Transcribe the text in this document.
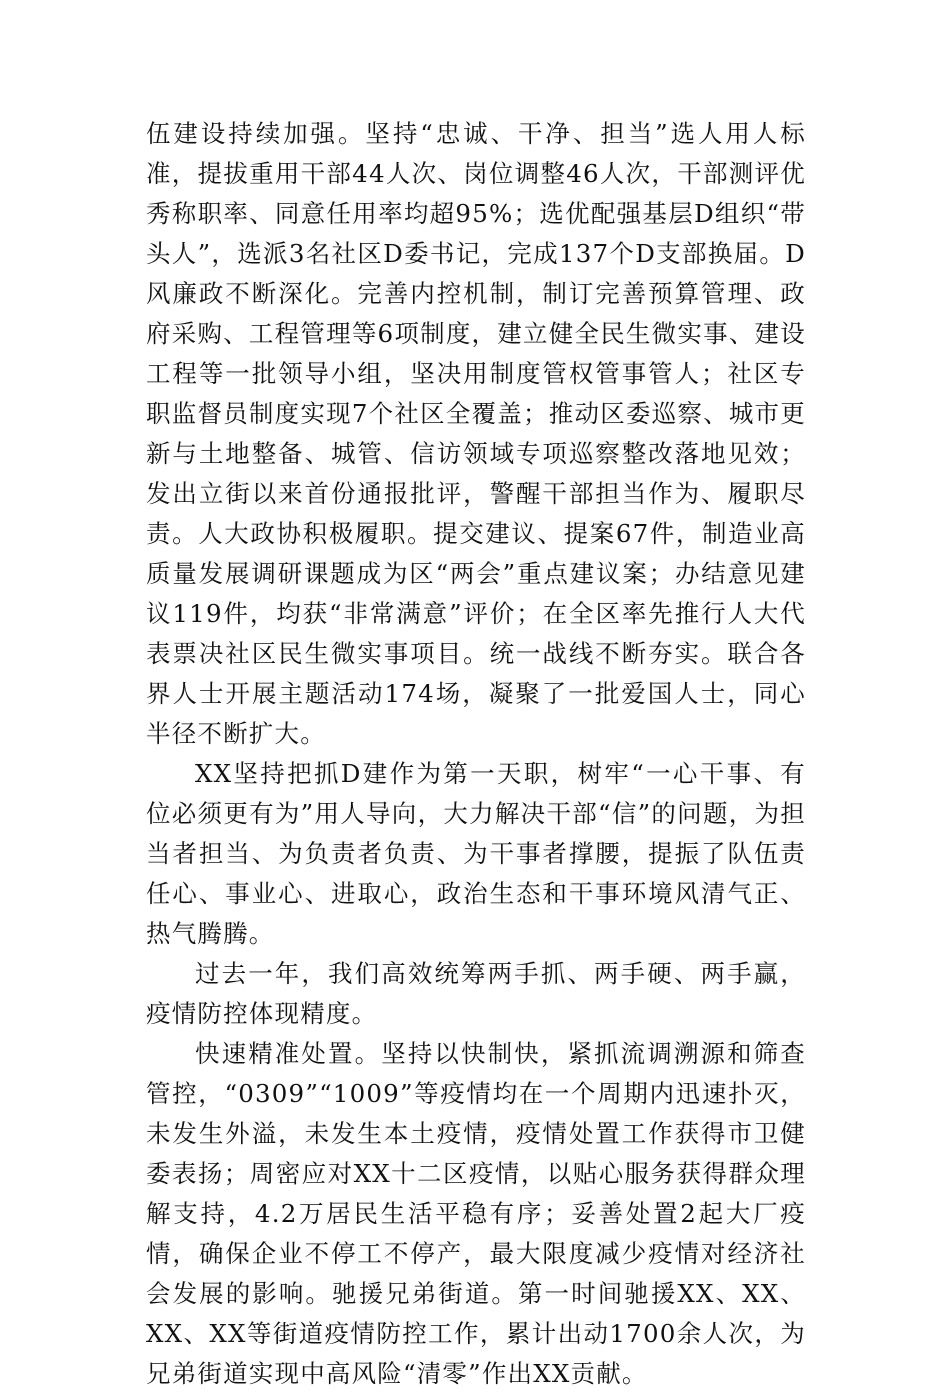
伍建设持续加强。坚持“忠诚、干净、担当”选人用人标准，提拔重用干部44人次、岗位调整46人次，干部测评优秀称职率、同意任用率均超95%；选优配强基层D组织“带头人”，选派3名社区D委书记，完成137个D支部换届。D风廉政不断深化。完善内控机制，制订完善预算管理、政府采购、工程管理等6项制度，建立健全民生微实事、建设工程等一批领导小组，坚决用制度管权管事管人；社区专职监督员制度实现7个社区全覆盖；推动区委巡察、城市更新与土地整备、城管、信访领域专项巡察整改落地见效；发出立街以来首份通报批评，警醒干部担当作为、履职尽责。人大政协积极履职。提交建议、提案67件，制造业高质量发展调研课题成为区“两会”重点建议案；办结意见建议119件，均获“非常满意”评价；在全区率先推行人大代表票决社区民生微实事项目。统一战线不断夯实。联合各界人士开展主题活动174场，凝聚了一批爱国人士，同心半径不断扩大。

XX坚持把抓D建作为第一天职，树牢“一心干事、有位必须更有为”用人导向，大力解决干部“信”的问题，为担当者担当、为负责者负责、为干事者撑腰，提振了队伍责任心、事业心、进取心，政治生态和干事环境风清气正、热气腾腾。

过去一年，我们高效统筹两手抓、两手硬、两手赢，疫情防控体现精度。

快速精准处置。坚持以快制快，紧抓流调溯源和筛查管控，“0309”“1009”等疫情均在一个周期内迅速扑灭，未发生外溢，未发生本土疫情，疫情处置工作获得市卫健委表扬；周密应对XX十二区疫情，以贴心服务获得群众理解支持，4.2万居民生活平稳有序；妥善处置2起大厂疫情，确保企业不停工不停产，最大限度减少疫情对经济社会发展的影响。驰援兄弟街道。第一时间驰援XX、XX、XX、XX等街道疫情防控工作，累计出动1700余人次，为兄弟街道实现中高风险“清零”作出XX贡献。
